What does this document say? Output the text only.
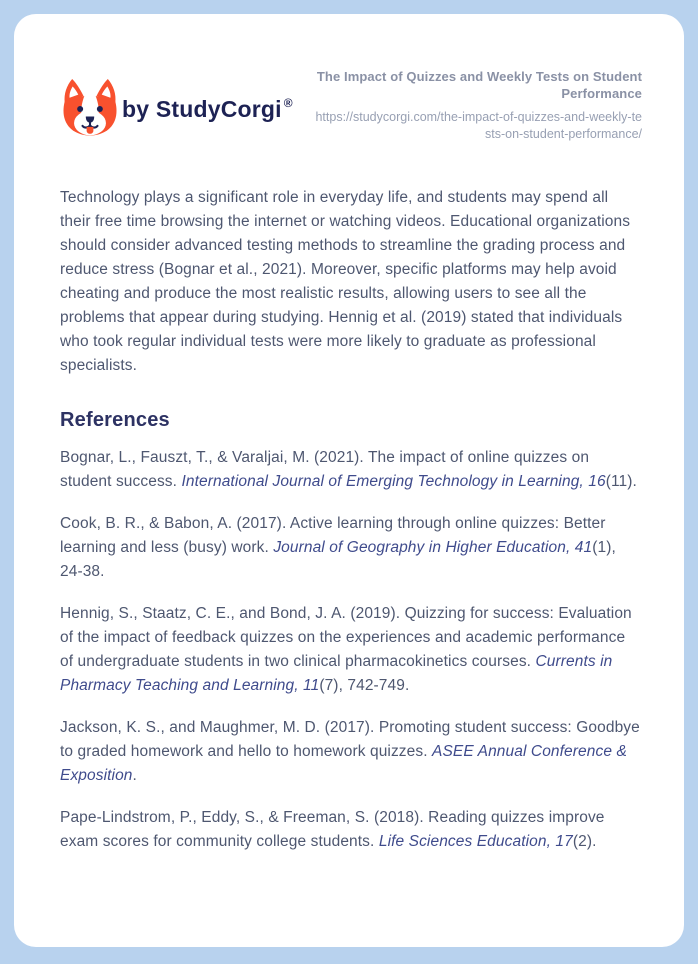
by StudyCorgi ®
The Impact of Quizzes and Weekly Tests on Student Performance
https://studycorgi.com/the-impact-of-quizzes-and-weekly-tests-on-student-performance/

Technology plays a significant role in everyday life, and students may spend all their free time browsing the internet or watching videos. Educational organizations should consider advanced testing methods to streamline the grading process and reduce stress (Bognar et al., 2021). Moreover, specific platforms may help avoid cheating and produce the most realistic results, allowing users to see all the problems that appear during studying. Hennig et al. (2019) stated that individuals who took regular individual tests were more likely to graduate as professional specialists.

References

Bognar, L., Fauszt, T., & Varaljai, M. (2021). The impact of online quizzes on student success. International Journal of Emerging Technology in Learning, 16(11).

Cook, B. R., & Babon, A. (2017). Active learning through online quizzes: Better learning and less (busy) work. Journal of Geography in Higher Education, 41(1), 24-38.

Hennig, S., Staatz, C. E., and Bond, J. A. (2019). Quizzing for success: Evaluation of the impact of feedback quizzes on the experiences and academic performance of undergraduate students in two clinical pharmacokinetics courses. Currents in Pharmacy Teaching and Learning, 11(7), 742-749.

Jackson, K. S., and Maughmer, M. D. (2017). Promoting student success: Goodbye to graded homework and hello to homework quizzes. ASEE Annual Conference & Exposition.

Pape-Lindstrom, P., Eddy, S., & Freeman, S. (2018). Reading quizzes improve exam scores for community college students. Life Sciences Education, 17(2).
